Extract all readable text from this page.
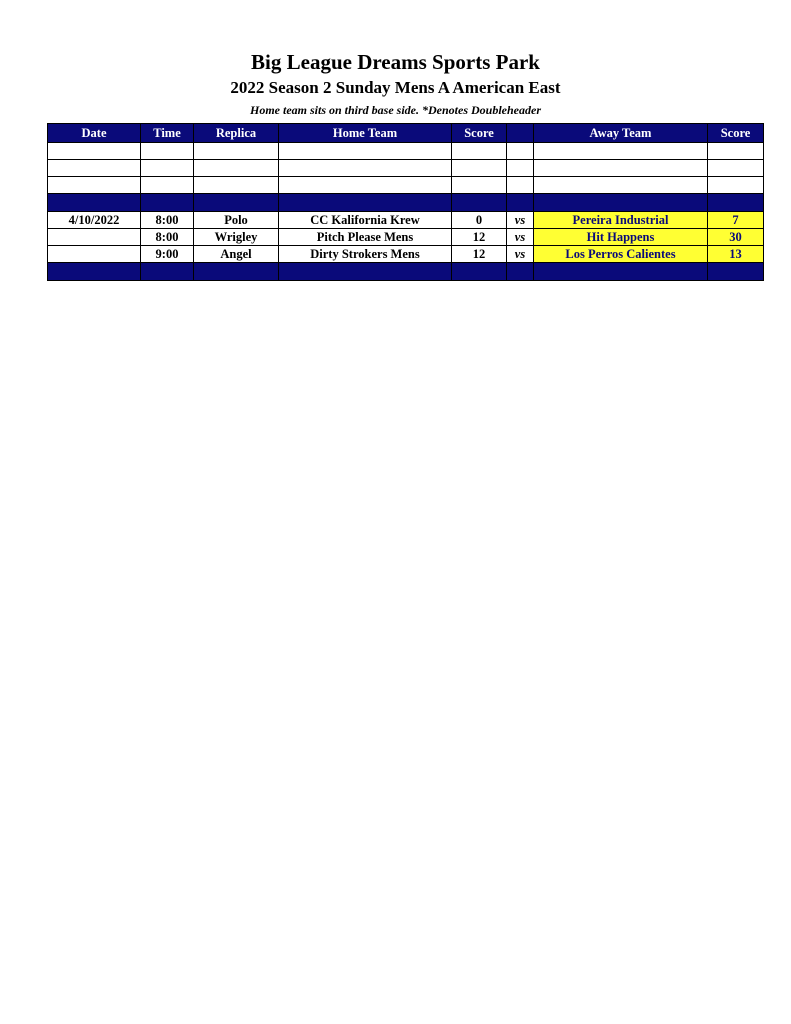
Big League Dreams Sports Park
2022 Season 2 Sunday Mens A American East
Home team sits on third base side. *Denotes Doubleheader
Date	Time	Replica	Home Team	Score		Away Team	Score

4/10/2022	8:00	Polo	CC Kalifornia Krew	0	vs	Pereira Industrial	7
	8:00	Wrigley	Pitch Please Mens	12	vs	Hit Happens	30
	9:00	Angel	Dirty Strokers Mens	12	vs	Los Perros Calientes	13
